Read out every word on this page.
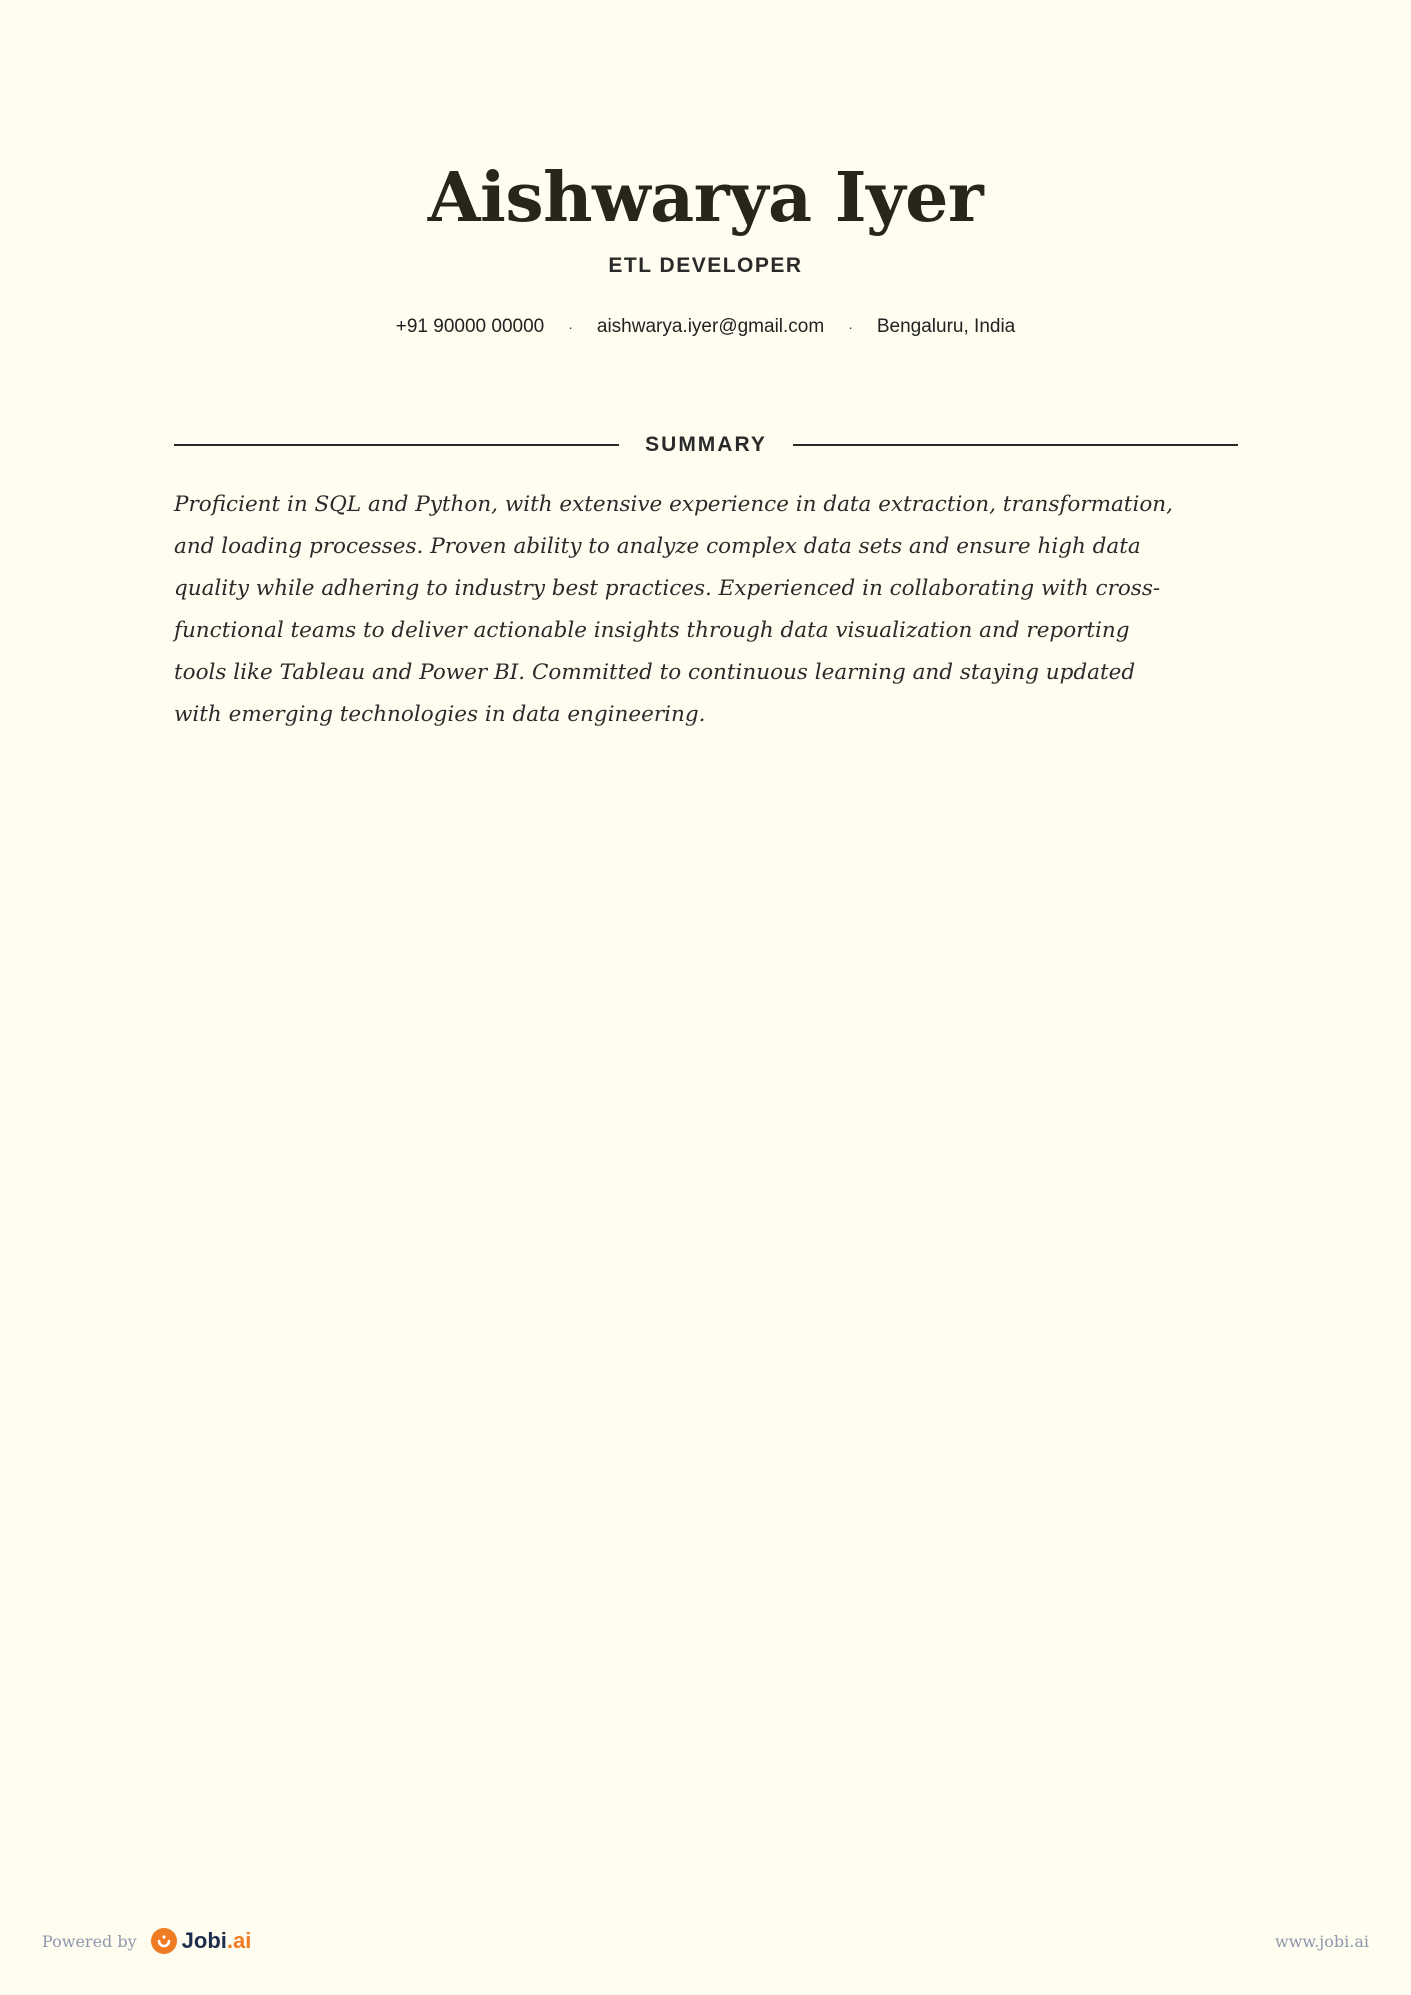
Aishwarya Iyer
ETL DEVELOPER
+91 90000 00000 · aishwarya.iyer@gmail.com · Bengaluru, India
SUMMARY

Proficient in SQL and Python, with extensive experience in data extraction, transformation,
and loading processes. Proven ability to analyze complex data sets and ensure high data
quality while adhering to industry best practices. Experienced in collaborating with cross-
functional teams to deliver actionable insights through data visualization and reporting
tools like Tableau and Power BI. Committed to continuous learning and staying updated
with emerging technologies in data engineering.

Powered by Jobi.ai	www.jobi.ai
